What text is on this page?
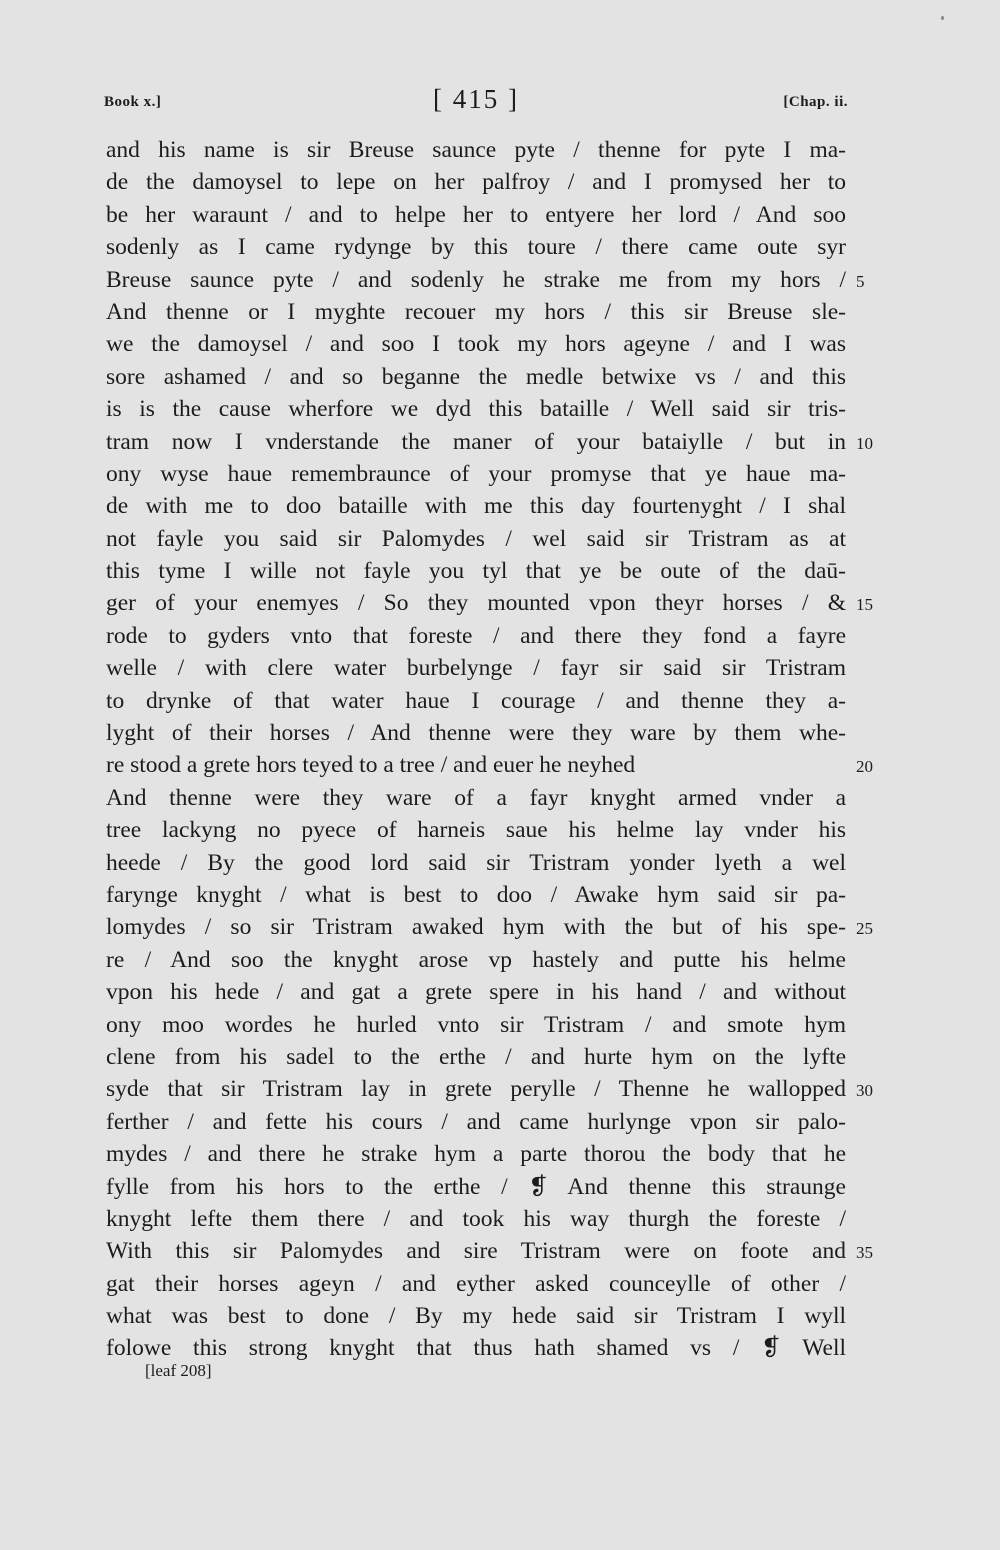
Book x.]	[ 415 ]	[Chap. ii.
and his name is sir Breuse saunce pyte / thenne for pyte I ma-
de the damoysel to lepe on her palfroy / and I promysed her to
be her waraunt / and to helpe her to entyere her lord / And soo
sodenly as I came rydynge by this toure / there came oute syr
Breuse saunce pyte / and sodenly he strake me from my hors / 5
And thenne or I myghte recouer my hors / this sir Breuse sle-
we the damoysel / and soo I took my hors ageyne / and I was
sore ashamed / and so beganne the medle betwixe vs / and this
is is the cause wherfore we dyd this bataille / Well said sir tris-
tram now I vnderstande the maner of your bataiylle / but in 10
ony wyse haue remembraunce of your promyse that ye haue ma-
de with me to doo bataille with me this day fourtenyght / I shal
not fayle you said sir Palomydes / wel said sir Tristram as at
this tyme I wille not fayle you tyl that ye be oute of the daū-
ger of your enemyes / So they mounted vpon theyr horses / & 15
rode to gyders vnto that foreste / and there they fond a fayre
welle / with clere water burbelynge / fayr sir said sir Tristram
to drynke of that water haue I courage / and thenne they a-
lyght of their horses / And thenne were they ware by them whe-
re stood a grete hors teyed to a tree / and euer he neyhed	20
And thenne were they ware of a fayr knyght armed vnder a
tree lackyng no pyece of harneis saue his helme lay vnder his
heede / By the good lord said sir Tristram yonder lyeth a wel
farynge knyght / what is best to doo / Awake hym said sir pa-
lomydes / so sir Tristram awaked hym with the but of his spe- 25
re / And soo the knyght arose vp hastely and putte his helme
vpon his hede / and gat a grete spere in his hand / and without
ony moo wordes he hurled vnto sir Tristram / and smote hym
clene from his sadel to the erthe / and hurte hym on the lyfte
syde that sir Tristram lay in grete perylle / Thenne he wallopped 30
ferther / and fette his cours / and came hurlynge vpon sir palo-
mydes / and there he strake hym a parte thorou the body that he
fylle from his hors to the erthe / ❡ And thenne this straunge
knyght lefte them there / and took his way thurgh the foreste /
With this sir Palomydes and sire Tristram were on foote and 35
gat their horses ageyn / and eyther asked counceylle of other /
what was best to done / By my hede said sir Tristram I wyll
folowe this strong knyght that thus hath shamed vs / ❡ Well
[leaf 208]
